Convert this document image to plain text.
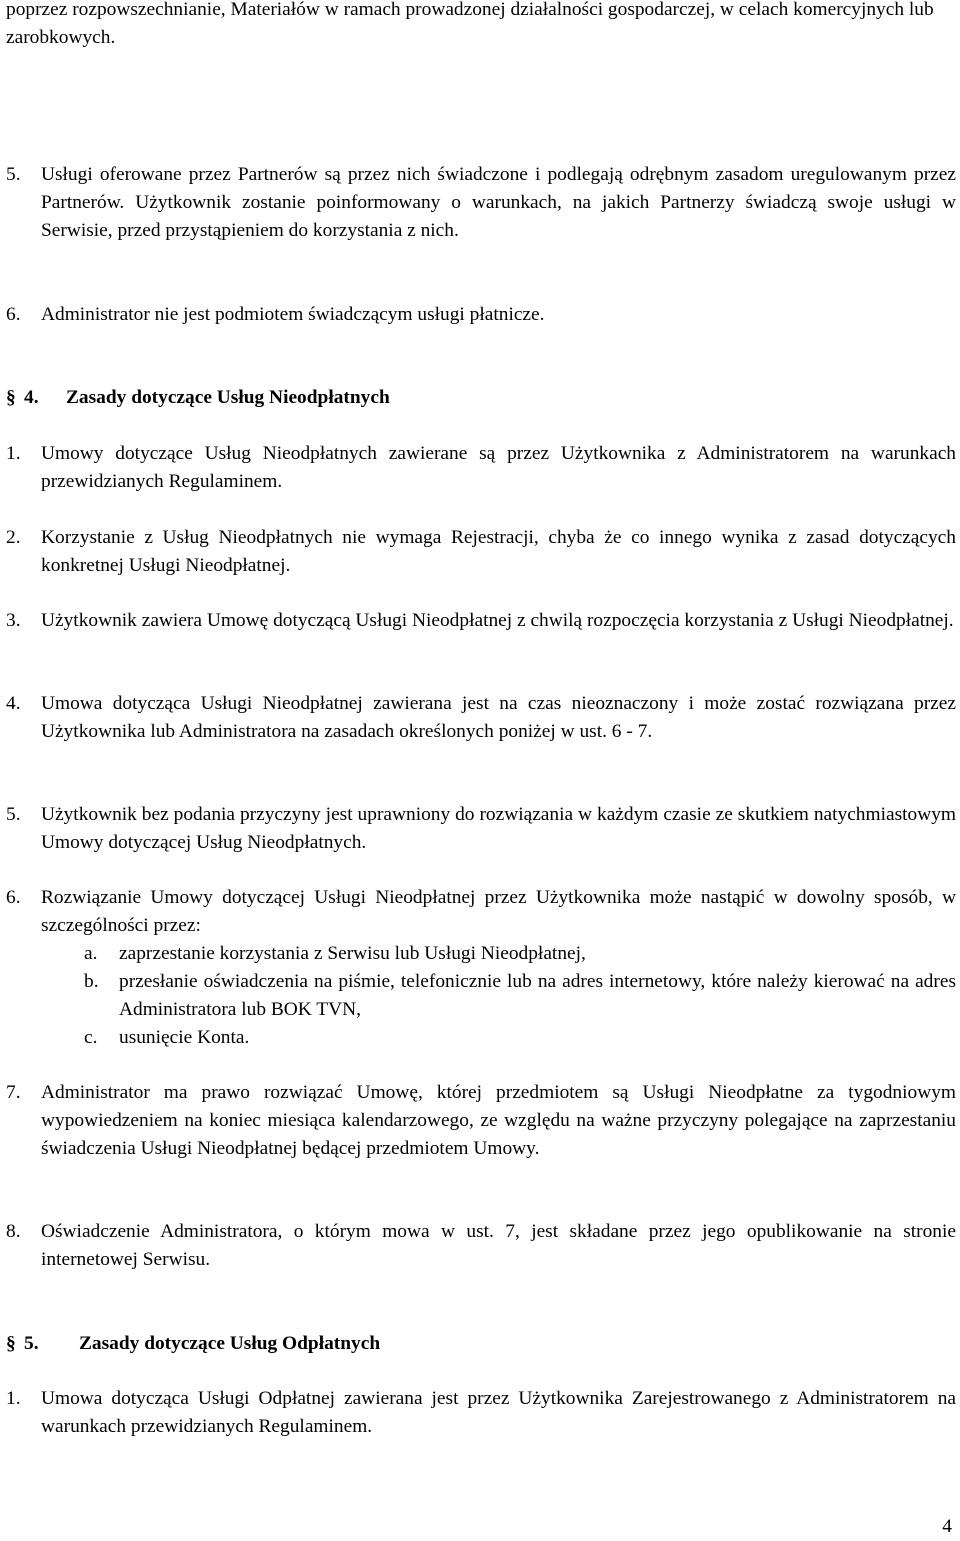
poprzez rozpowszechnianie, Materiałów w ramach prowadzonej działalności gospodarczej, w celach komercyjnych lub zarobkowych.
5.	Usługi oferowane przez Partnerów są przez nich świadczone i podlegają odrębnym zasadom uregulowanym przez Partnerów. Użytkownik zostanie poinformowany o warunkach, na jakich Partnerzy świadczą swoje usługi w Serwisie, przed przystąpieniem do korzystania z nich.
6.	Administrator nie jest podmiotem świadczącym usługi płatnicze.
§ 4.	Zasady dotyczące Usług Nieodpłatnych
1.	Umowy dotyczące Usług Nieodpłatnych zawierane są przez Użytkownika z Administratorem na warunkach przewidzianych Regulaminem.
2.	Korzystanie z Usług Nieodpłatnych nie wymaga Rejestracji, chyba że co innego wynika z zasad dotyczących konkretnej Usługi Nieodpłatnej.
3.	Użytkownik zawiera Umowę dotyczącą Usługi Nieodpłatnej z chwilą rozpoczęcia korzystania z Usługi Nieodpłatnej.
4.	Umowa dotycząca Usługi Nieodpłatnej zawierana jest na czas nieoznaczony i może zostać rozwiązana przez Użytkownika lub Administratora na zasadach określonych poniżej w ust. 6 - 7.
5.	Użytkownik bez podania przyczyny jest uprawniony do rozwiązania w każdym czasie ze skutkiem natychmiastowym Umowy dotyczącej Usług Nieodpłatnych.
6.	Rozwiązanie Umowy dotyczącej Usługi Nieodpłatnej przez Użytkownika może nastąpić w dowolny sposób, w szczególności przez:
a.	zaprzestanie korzystania z Serwisu lub Usługi Nieodpłatnej,
b.	przesłanie oświadczenia na piśmie, telefonicznie lub na adres internetowy, które należy kierować na adres Administratora lub BOK TVN,
c.	usunięcie Konta.
7.	Administrator ma prawo rozwiązać Umowę, której przedmiotem są Usługi Nieodpłatne za tygodniowym wypowiedzeniem na koniec miesiąca kalendarzowego, ze względu na ważne przyczyny polegające na zaprzestaniu świadczenia Usługi Nieodpłatnej będącej przedmiotem Umowy.
8.	Oświadczenie Administratora, o którym mowa w ust. 7, jest składane przez jego opublikowanie na stronie internetowej Serwisu.
§ 5.	Zasady dotyczące Usług Odpłatnych
1.	Umowa dotycząca Usługi Odpłatnej zawierana jest przez Użytkownika Zarejestrowanego z Administratorem na warunkach przewidzianych Regulaminem.
4
